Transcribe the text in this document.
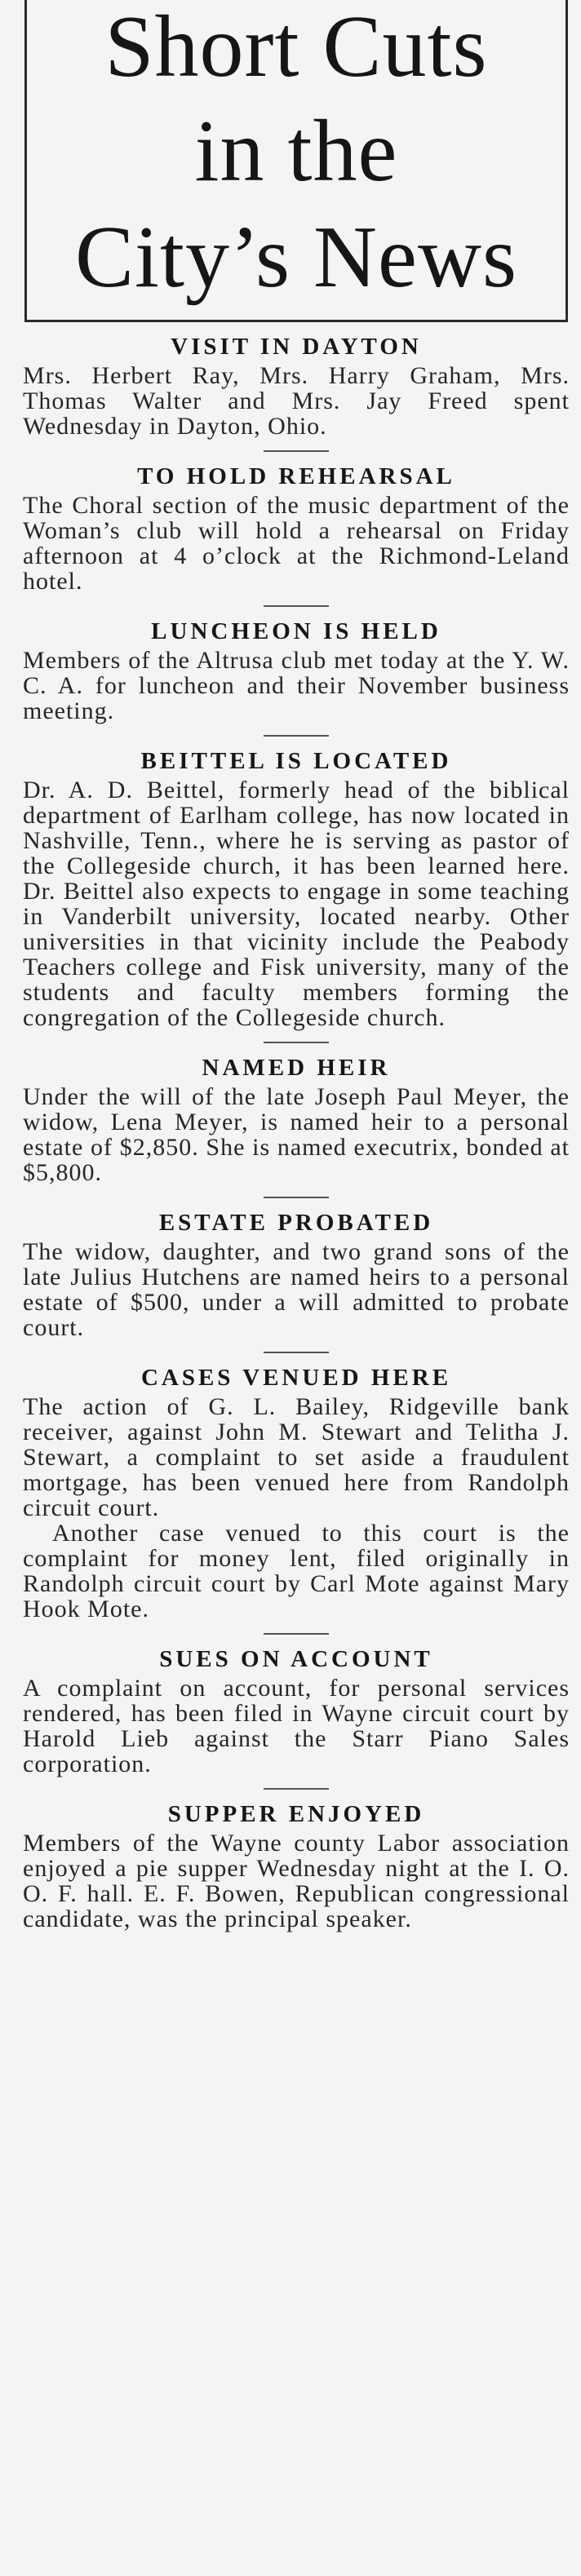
Short Cuts
in the
City’s News
VISIT IN DAYTON

Mrs. Herbert Ray, Mrs. Harry Graham, Mrs. Thomas Walter and Mrs. Jay Freed spent Wednesday in Dayton, Ohio.

TO HOLD REHEARSAL

The Choral section of the music department of the Woman’s club will hold a rehearsal on Friday afternoon at 4 o’clock at the Richmond-Leland hotel.

LUNCHEON IS HELD

Members of the Altrusa club met today at the Y. W. C. A. for luncheon and their November business meeting.

BEITTEL IS LOCATED

Dr. A. D. Beittel, formerly head of the biblical department of Earlham college, has now located in Nashville, Tenn., where he is serving as pastor of the Collegeside church, it has been learned here. Dr. Beittel also expects to engage in some teaching in Vanderbilt university, located nearby. Other universities in that vicinity include the Peabody Teachers college and Fisk university, many of the students and faculty members forming the congregation of the Collegeside church.

NAMED HEIR

Under the will of the late Joseph Paul Meyer, the widow, Lena Meyer, is named heir to a personal estate of $2,850. She is named executrix, bonded at $5,800.

ESTATE PROBATED

The widow, daughter, and two grand sons of the late Julius Hutchens are named heirs to a personal estate of $500, under a will admitted to probate court.

CASES VENUED HERE

The action of G. L. Bailey, Ridgeville bank receiver, against John M. Stewart and Telitha J. Stewart, a complaint to set aside a fraudulent mortgage, has been venued here from Randolph circuit court.

Another case venued to this court is the complaint for money lent, filed originally in Randolph circuit court by Carl Mote against Mary Hook Mote.

SUES ON ACCOUNT

A complaint on account, for personal services rendered, has been filed in Wayne circuit court by Harold Lieb against the Starr Piano Sales corporation.

SUPPER ENJOYED

Members of the Wayne county Labor association enjoyed a pie supper Wednesday night at the I. O. O. F. hall. E. F. Bowen, Republican congressional candidate, was the principal speaker.
